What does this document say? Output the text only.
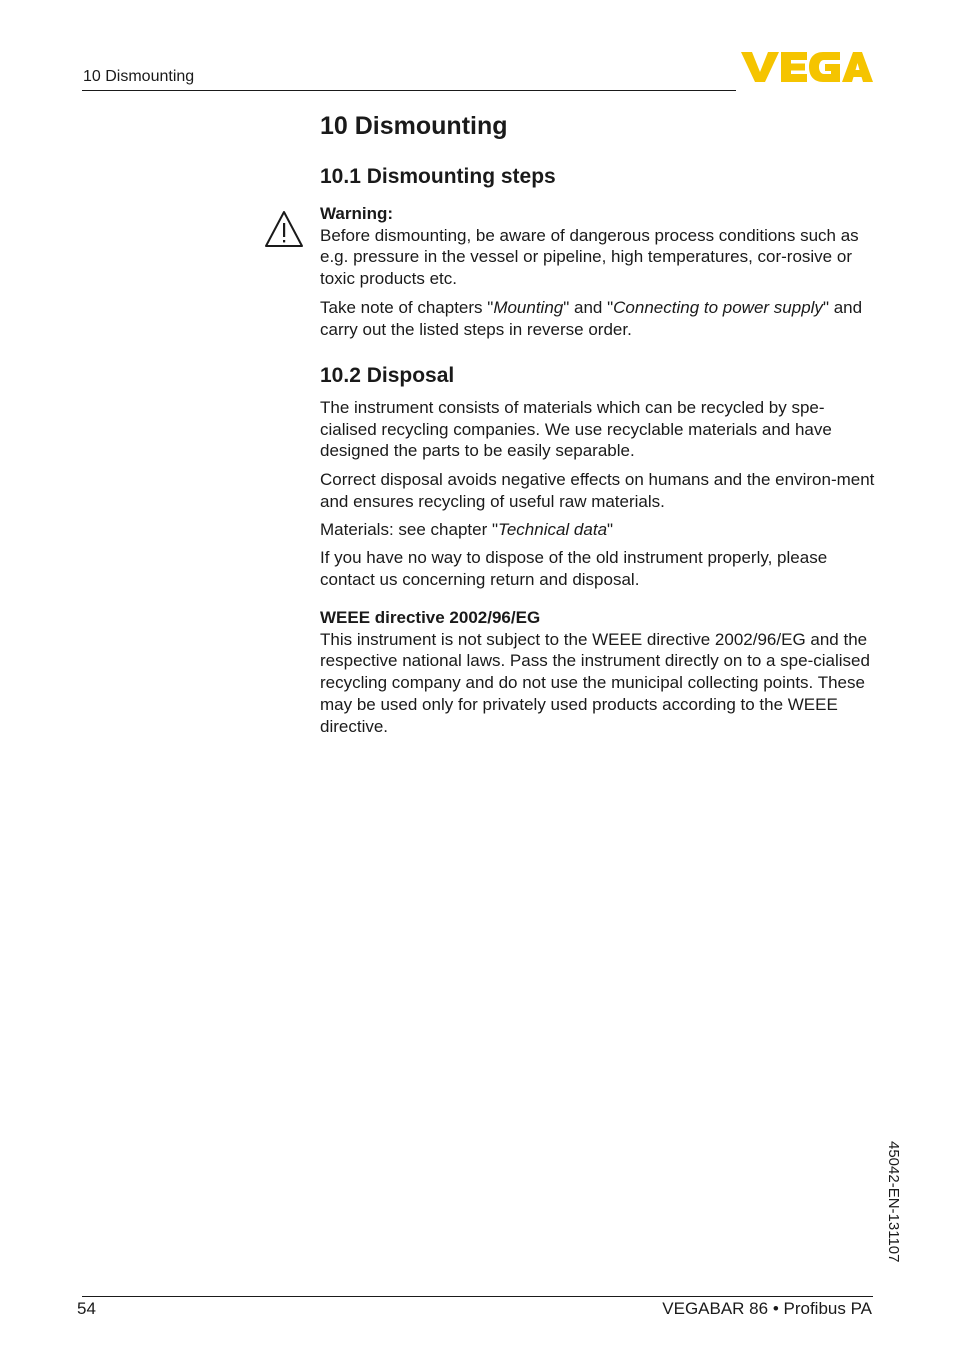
10 Dismounting
10 Dismounting
10.1 Dismounting steps

Warning:

Before dismounting, be aware of dangerous process conditions such as e.g. pressure in the vessel or pipeline, high temperatures, cor-rosive or toxic products etc.

Take note of chapters "Mounting" and "Connecting to power supply" and carry out the listed steps in reverse order.

10.2 Disposal

The instrument consists of materials which can be recycled by spe-cialised recycling companies. We use recyclable materials and have designed the parts to be easily separable.

Correct disposal avoids negative effects on humans and the environ-ment and ensures recycling of useful raw materials.

Materials: see chapter "Technical data"

If you have no way to dispose of the old instrument properly, please contact us concerning return and disposal.

WEEE directive 2002/96/EG

This instrument is not subject to the WEEE directive 2002/96/EG and the respective national laws. Pass the instrument directly on to a spe-cialised recycling company and do not use the municipal collecting points. These may be used only for privately used products according to the WEEE directive.

45042-EN-131107
54	VEGABAR 86 • Profibus PA
